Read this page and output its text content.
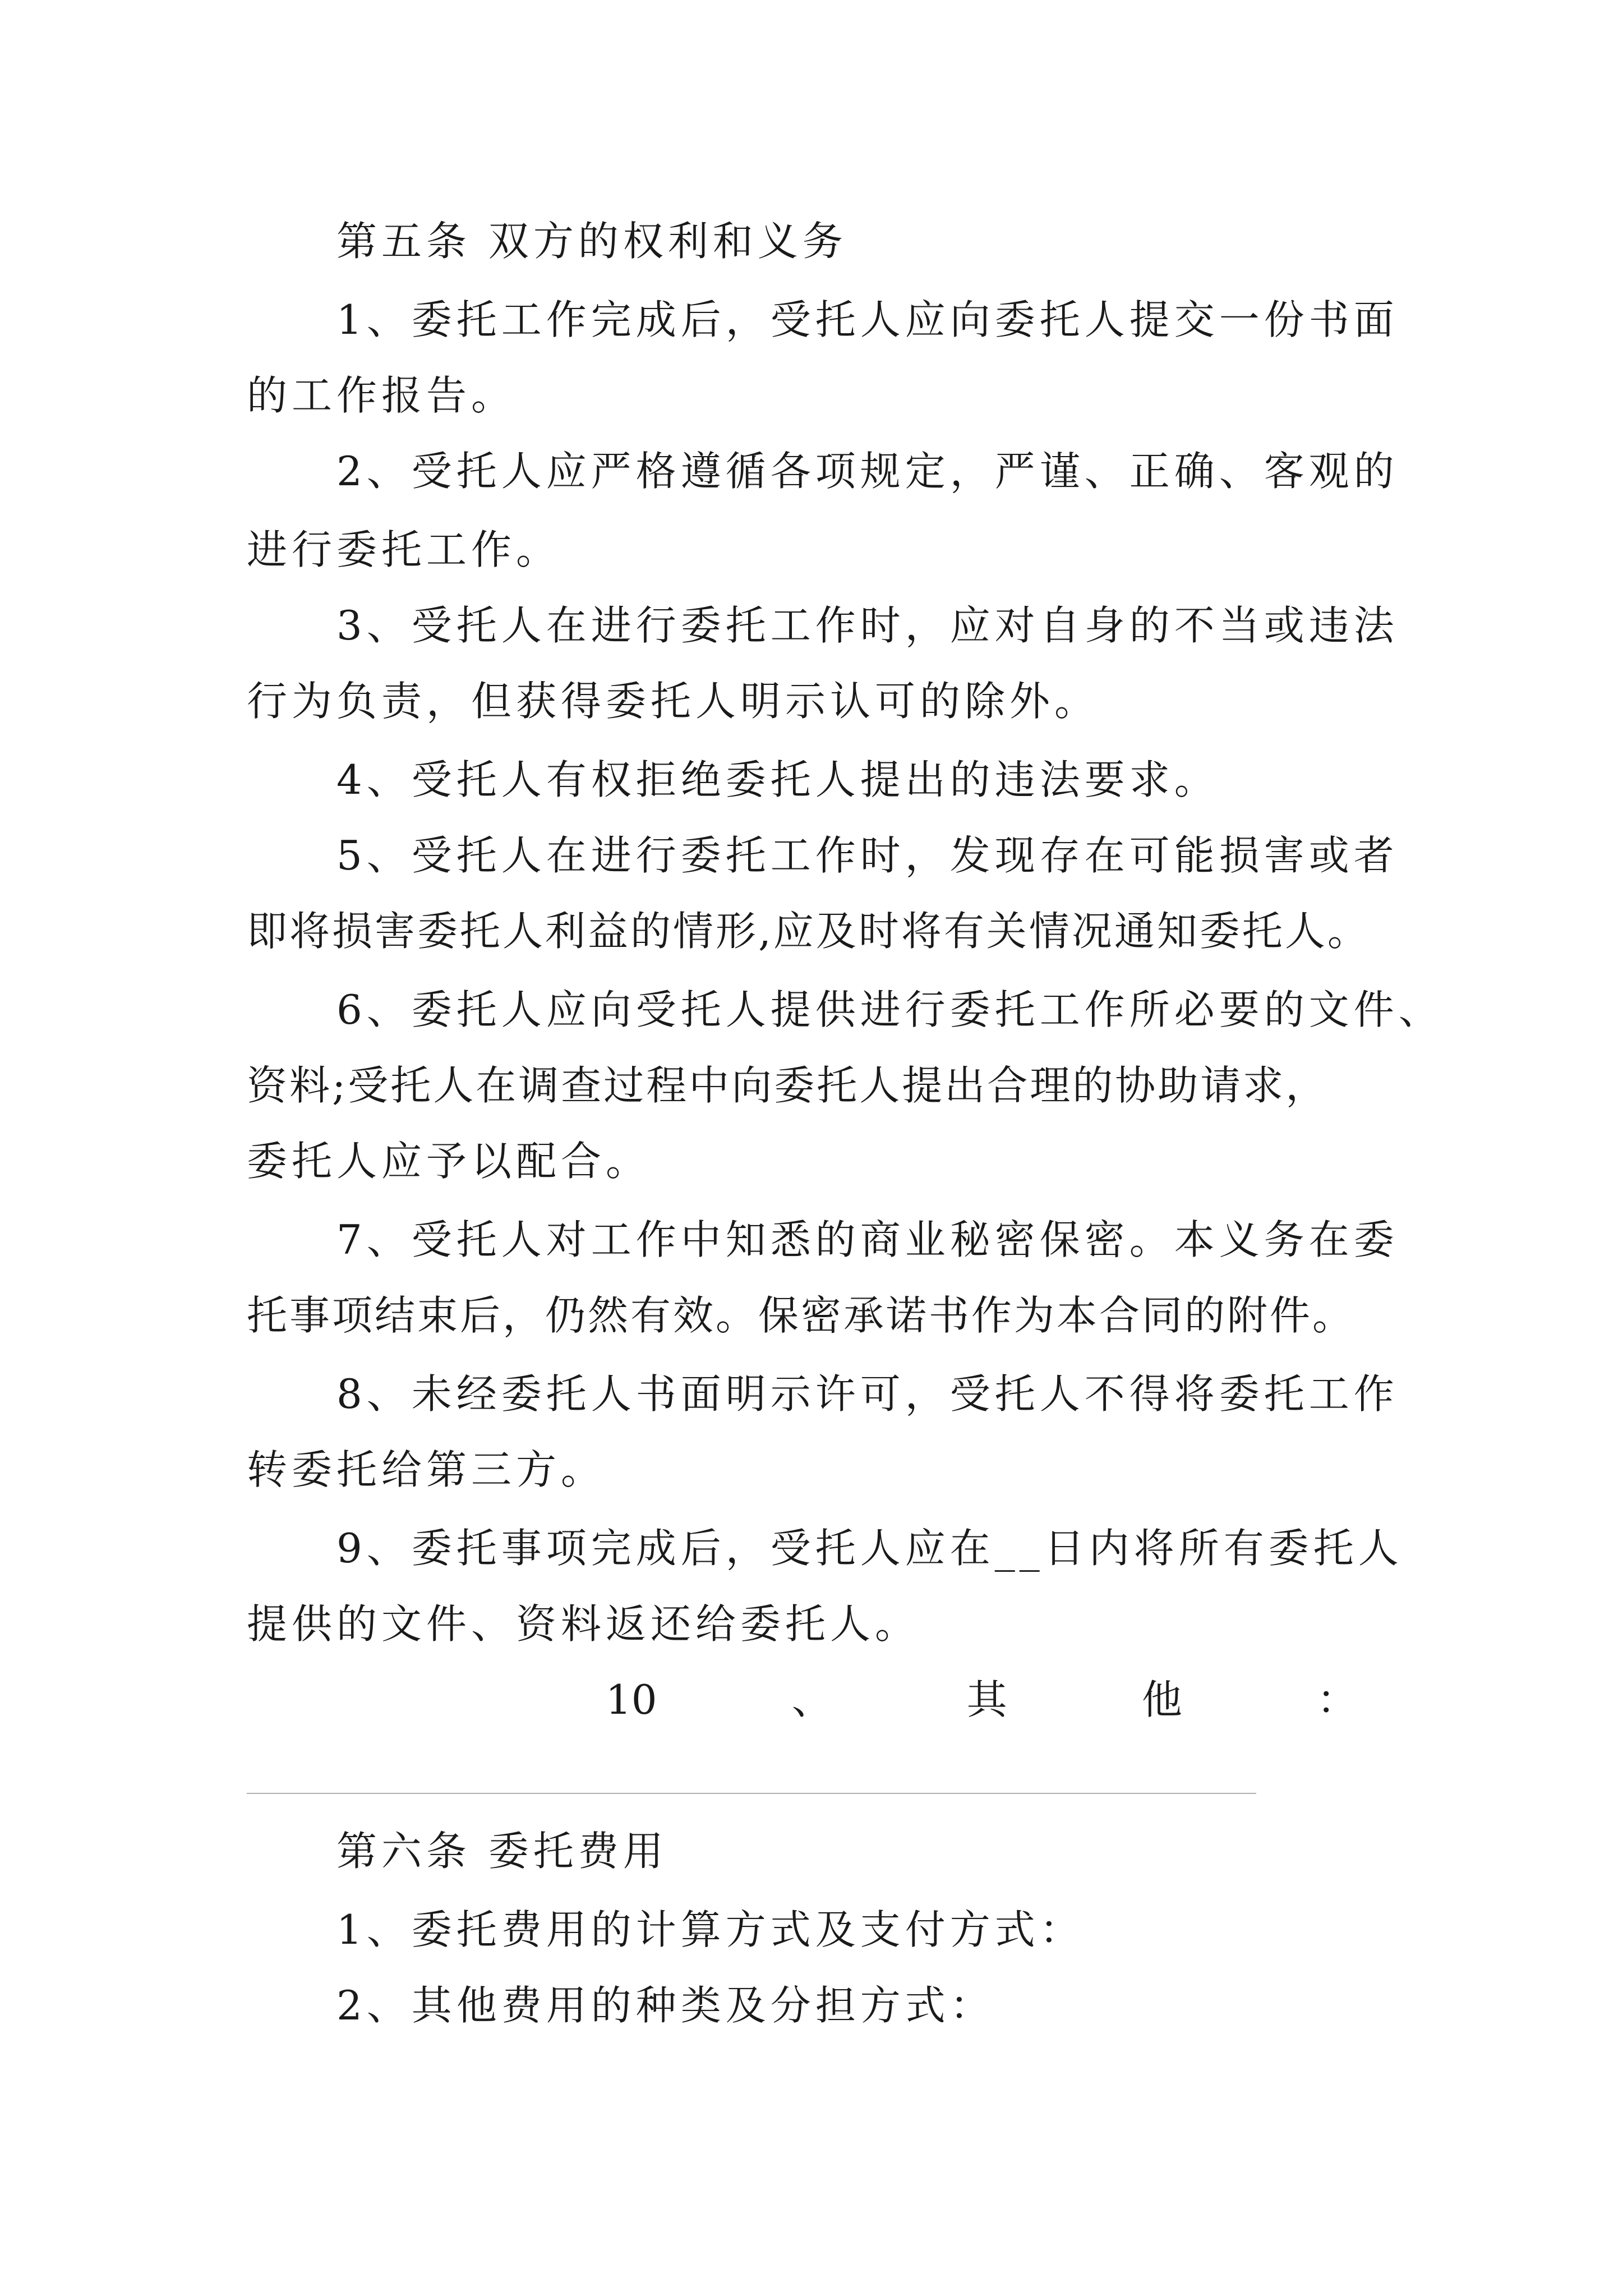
第五条 双方的权利和义务
1、委托工作完成后，受托人应向委托人提交一份书面
的工作报告。
2、受托人应严格遵循各项规定，严谨、正确、客观的
进行委托工作。
3、受托人在进行委托工作时，应对自身的不当或违法
行为负责，但获得委托人明示认可的除外。
4、受托人有权拒绝委托人提出的违法要求。
5、受托人在进行委托工作时，发现存在可能损害或者
即将损害委托人利益的情形,应及时将有关情况通知委托人。
6、委托人应向受托人提供进行委托工作所必要的文件、
资料;受托人在调查过程中向委托人提出合理的协助请求，
委托人应予以配合。
7、受托人对工作中知悉的商业秘密保密。本义务在委
托事项结束后，仍然有效。保密承诺书作为本合同的附件。
8、未经委托人书面明示许可，受托人不得将委托工作
转委托给第三方。
9、委托事项完成后，受托人应在__日内将所有委托人
提供的文件、资料返还给委托人。
10	、	其	他	：
第六条 委托费用
1、委托费用的计算方式及支付方式：
2、其他费用的种类及分担方式：
